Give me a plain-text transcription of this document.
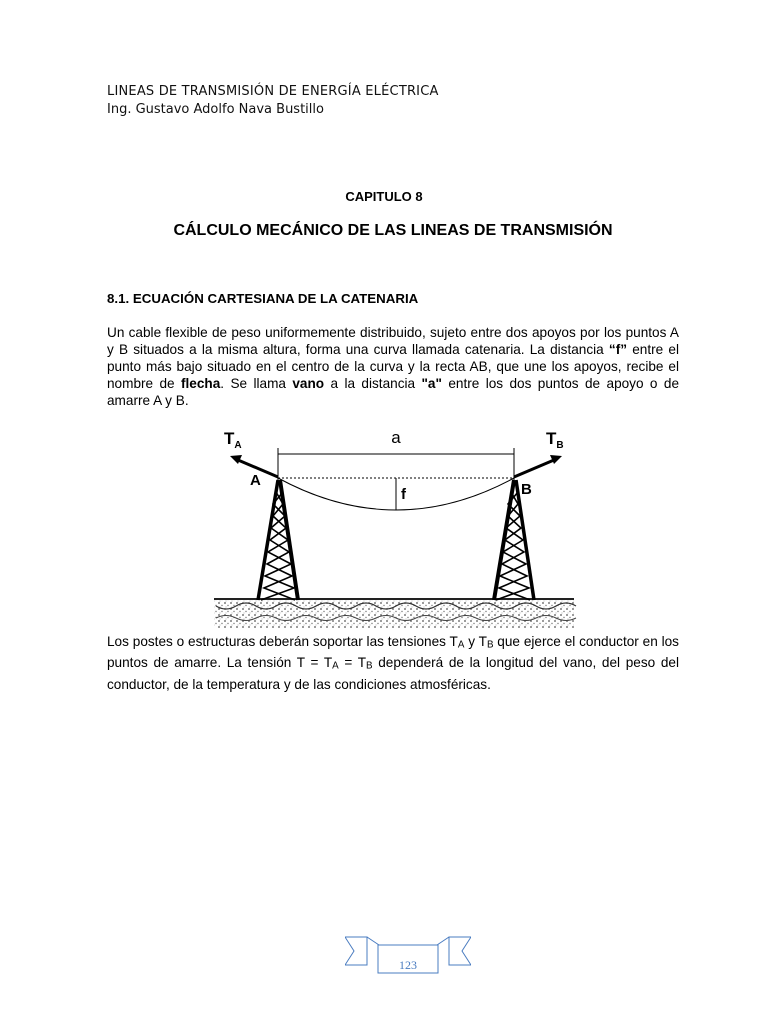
LINEAS DE TRANSMISIÓN DE ENERGÍA ELÉCTRICA
Ing. Gustavo Adolfo Nava Bustillo
CAPITULO 8
CÁLCULO MECÁNICO DE LAS LINEAS DE TRANSMISIÓN
8.1. ECUACIÓN CARTESIANA DE LA CATENARIA

Un cable flexible de peso uniformemente distribuido, sujeto entre dos apoyos por los puntos A y B situados a la misma altura, forma una curva llamada catenaria. La distancia “f” entre el punto más bajo situado en el centro de la curva y la recta AB, que une los apoyos, recibe el nombre de flecha. Se llama vano a la distancia "a" entre los dos puntos de apoyo o de amarre A y B.

a
f
A
B
$T_A$	$T_B$

Los postes o estructuras deberán soportar las tensiones TA y TB que ejerce el conductor en los puntos de amarre. La tensión T = TA = TB dependerá de la longitud del vano, del peso del conductor, de la temperatura y de las condiciones atmosféricas.

123
